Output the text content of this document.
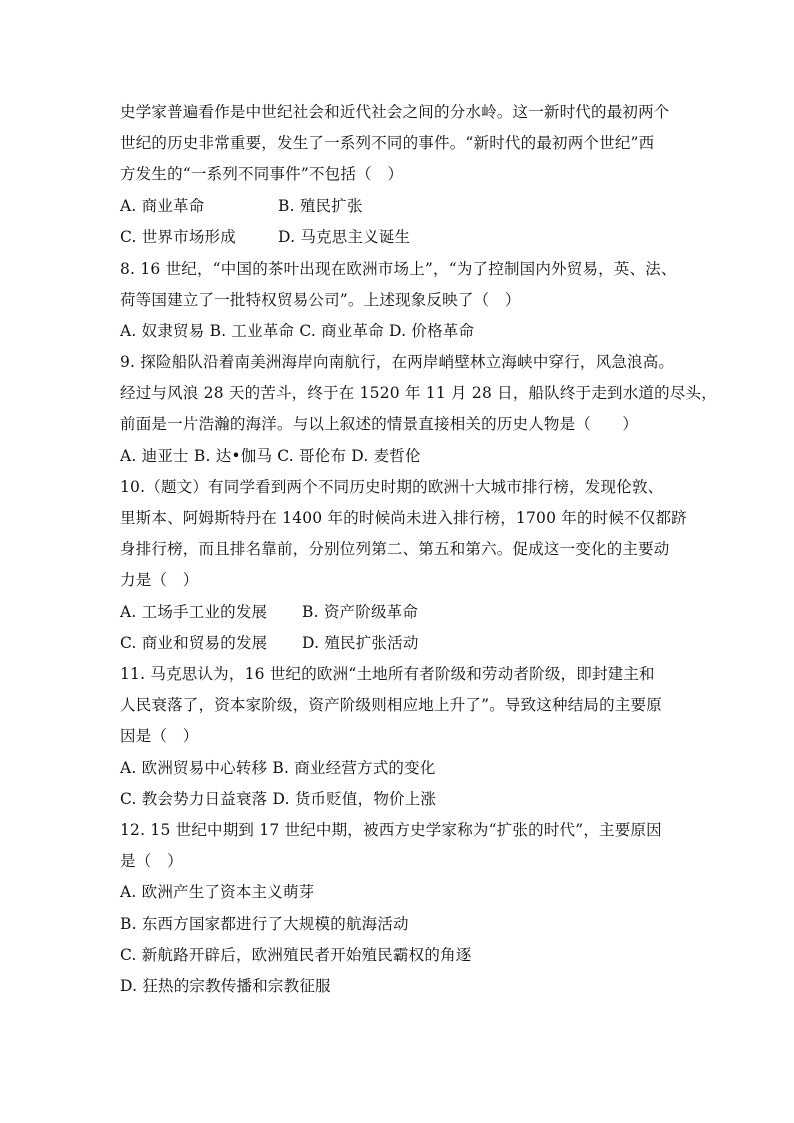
史学家普遍看作是中世纪社会和近代社会之间的分水岭。这一新时代的最初两个
世纪的历史非常重要，发生了一系列不同的事件。“新时代的最初两个世纪”西
方发生的“一系列不同事件”不包括（　）
A. 商业革命	B. 殖民扩张
C. 世界市场形成	D. 马克思主义诞生
8. 16 世纪，“中国的茶叶出现在欧洲市场上”，“为了控制国内外贸易，英、法、
荷等国建立了一批特权贸易公司”。上述现象反映了（　）
A. 奴隶贸易 B. 工业革命 C. 商业革命 D. 价格革命
9. 探险船队沿着南美洲海岸向南航行，在两岸峭壁林立海峡中穿行，风急浪高。
经过与风浪 28 天的苦斗，终于在 1520 年 11 月 28 日，船队终于走到水道的尽头，
前面是一片浩瀚的海洋。与以上叙述的情景直接相关的历史人物是（　　）
A. 迪亚士 B. 达•伽马 C. 哥伦布 D. 麦哲伦
10.（题文）有同学看到两个不同历史时期的欧洲十大城市排行榜，发现伦敦、
里斯本、阿姆斯特丹在 1400 年的时候尚未进入排行榜，1700 年的时候不仅都跻
身排行榜，而且排名靠前，分别位列第二、第五和第六。促成这一变化的主要动
力是（　）
A. 工场手工业的发展 B. 资产阶级革命
C. 商业和贸易的发展 D. 殖民扩张活动
11. 马克思认为，16 世纪的欧洲“土地所有者阶级和劳动者阶级，即封建主和
人民衰落了，资本家阶级，资产阶级则相应地上升了”。导致这种结局的主要原
因是（　）
A. 欧洲贸易中心转移 B. 商业经营方式的变化
C. 教会势力日益衰落 D. 货币贬值，物价上涨
12. 15 世纪中期到 17 世纪中期，被西方史学家称为“扩张的时代”，主要原因
是（　）
A. 欧洲产生了资本主义萌芽
B. 东西方国家都进行了大规模的航海活动
C. 新航路开辟后，欧洲殖民者开始殖民霸权的角逐
D. 狂热的宗教传播和宗教征服
